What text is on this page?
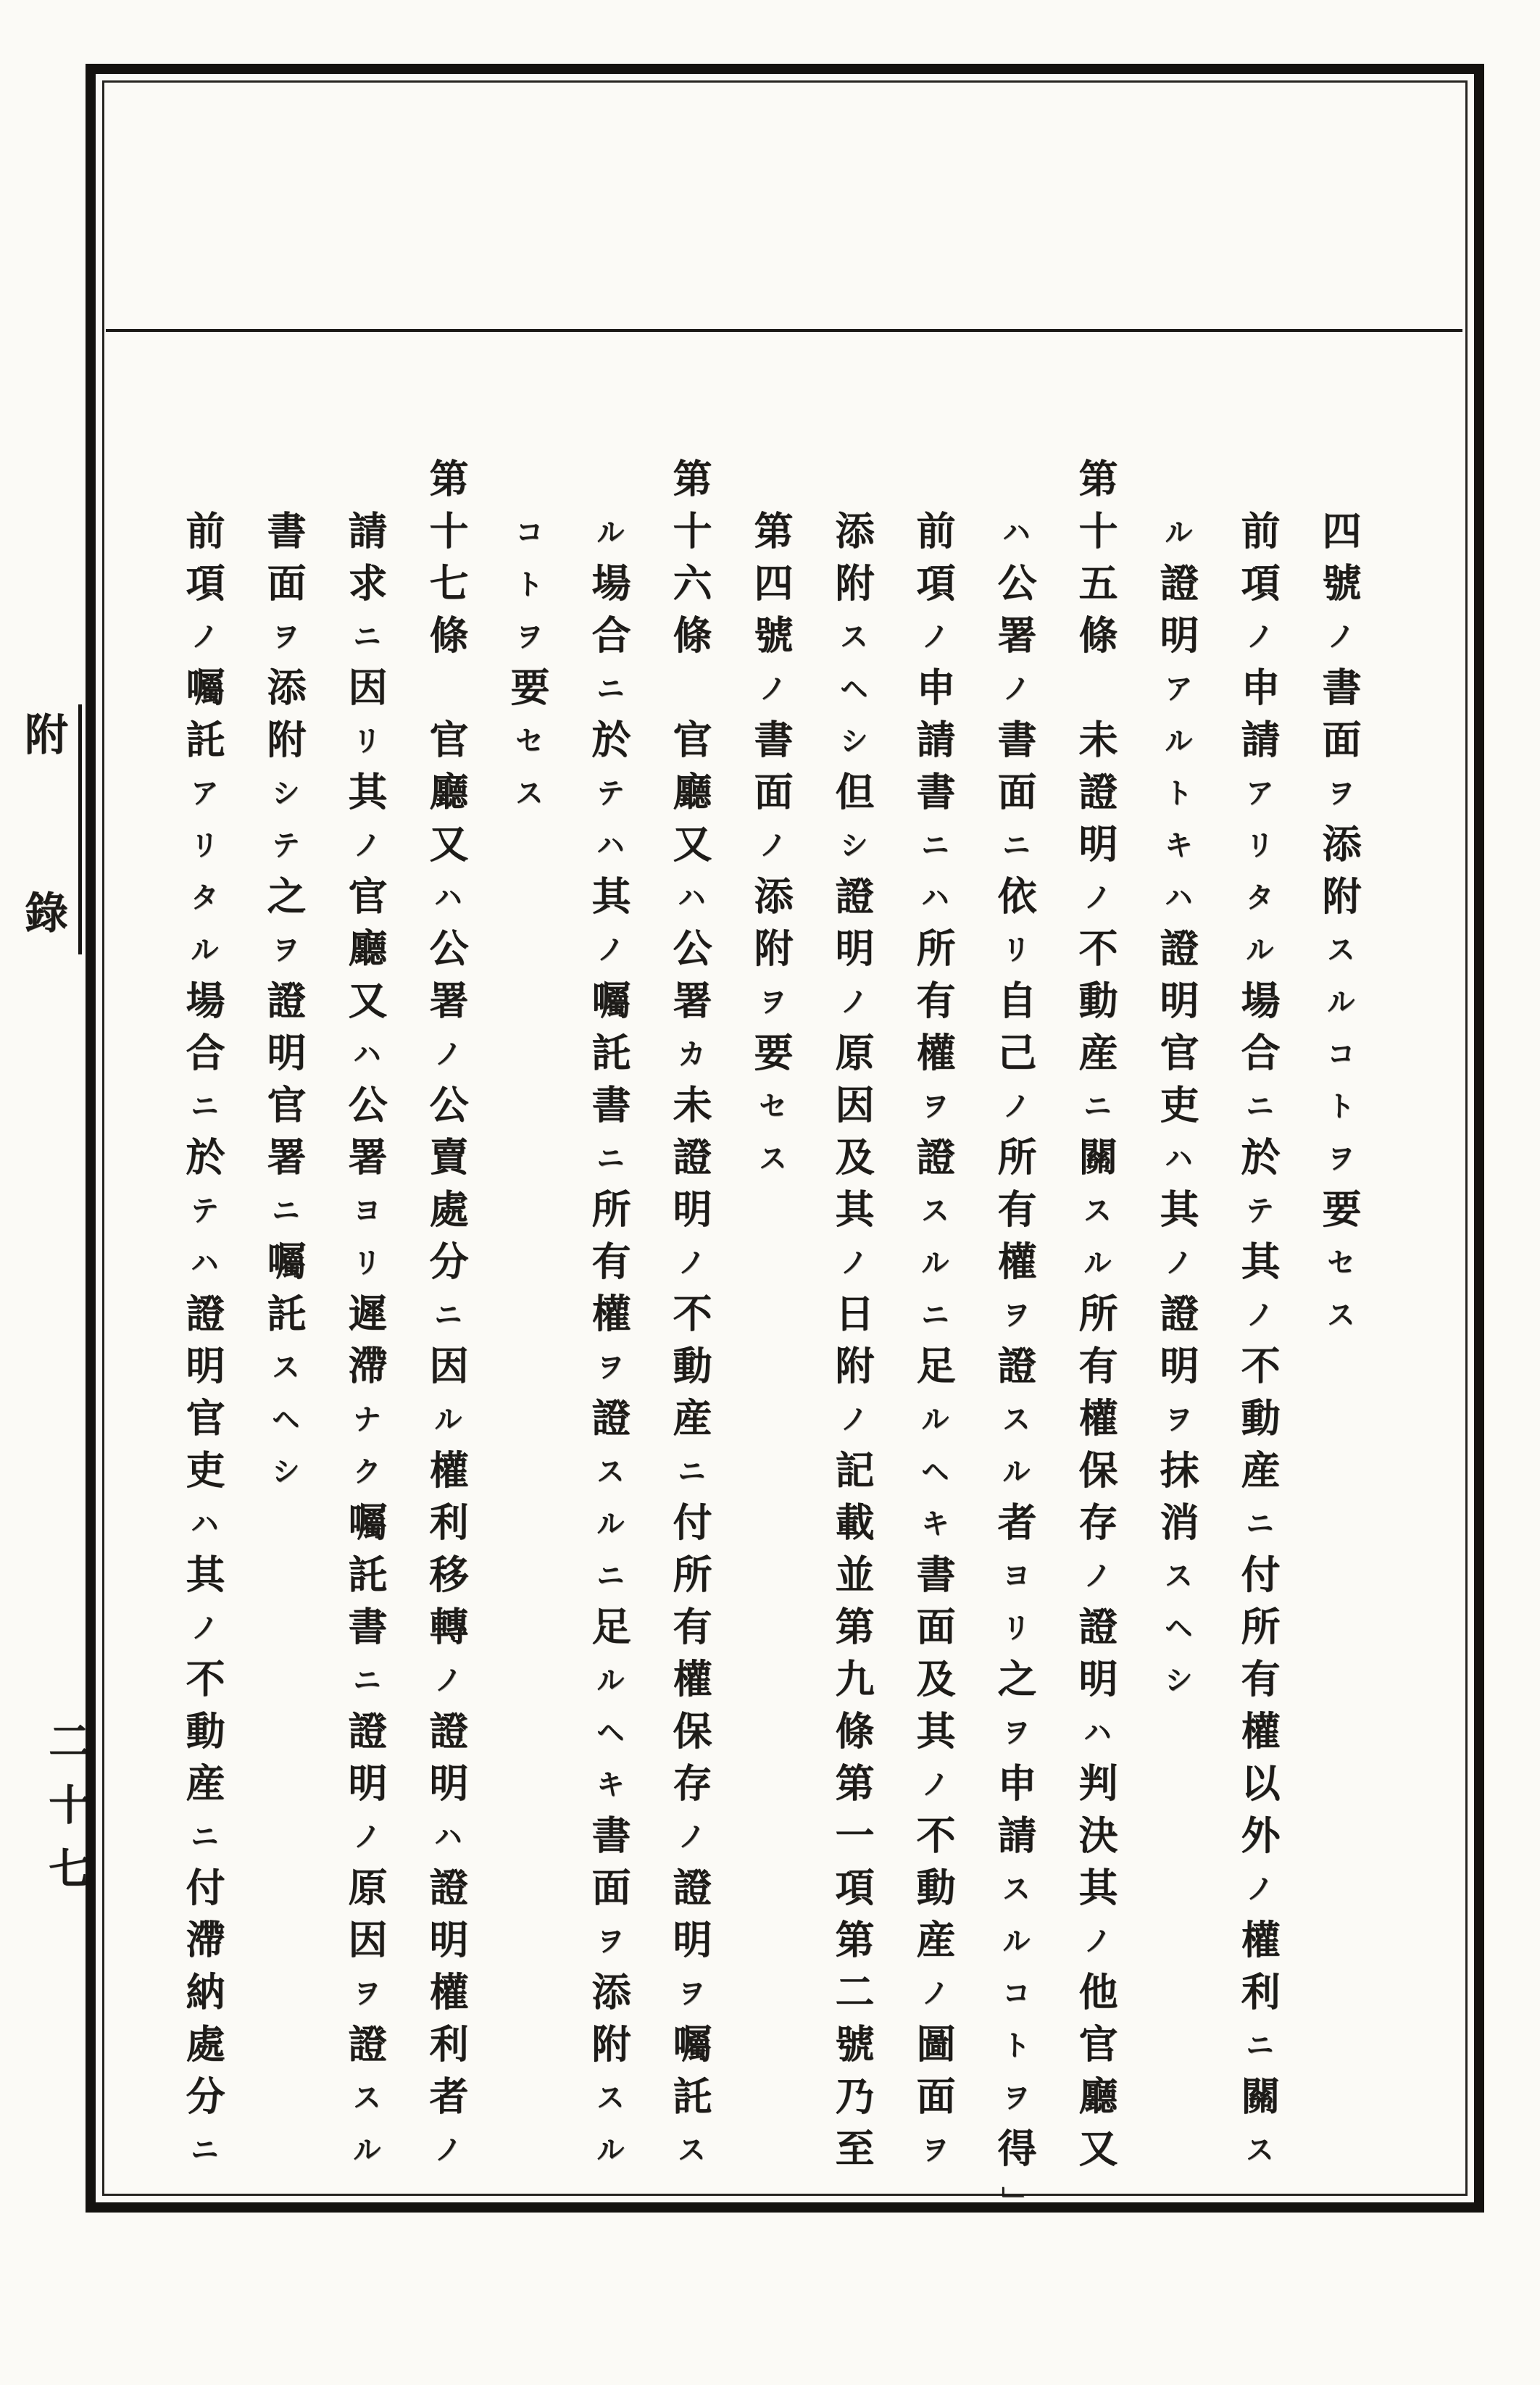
附錄
二十七
四號ノ書面ヲ添附スルコトヲ要セス
前項ノ申請アリタル場合ニ於テ其ノ不動産ニ付所有權以外ノ權利ニ關ス
ル證明アルトキハ證明官吏ハ其ノ證明ヲ抹消スヘシ
第十五條　未證明ノ不動産ニ關スル所有權保存ノ證明ハ判決其ノ他官廳又
ハ公署ノ書面ニ依リ自己ノ所有權ヲ證スル者ヨリ之ヲ申請スルコトヲ得」
前項ノ申請書ニハ所有權ヲ證スルニ足ルヘキ書面及其ノ不動産ノ圖面ヲ
添附スヘシ但シ證明ノ原因及其ノ日附ノ記載並第九條第一項第二號乃至
第四號ノ書面ノ添附ヲ要セス
第十六條　官廳又ハ公署カ未證明ノ不動産ニ付所有權保存ノ證明ヲ囑託ス
ル場合ニ於テハ其ノ囑託書ニ所有權ヲ證スルニ足ルヘキ書面ヲ添附スル
コトヲ要セス
第十七條　官廳又ハ公署ノ公賣處分ニ因ル權利移轉ノ證明ハ證明權利者ノ
請求ニ因リ其ノ官廳又ハ公署ヨリ遲滯ナク囑託書ニ證明ノ原因ヲ證スル
書面ヲ添附シテ之ヲ證明官署ニ囑託スヘシ
前項ノ囑託アリタル場合ニ於テハ證明官吏ハ其ノ不動産ニ付滯納處分ニ
